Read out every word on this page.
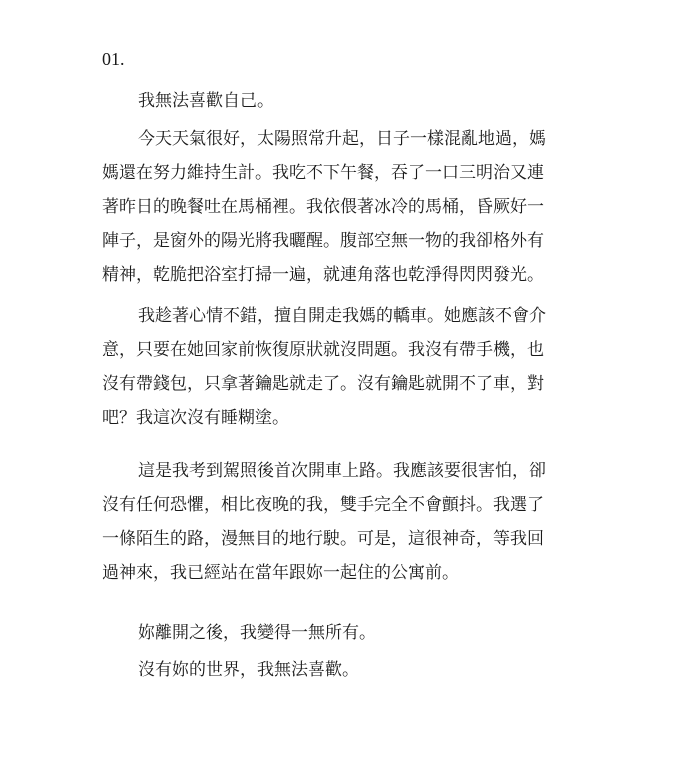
01.
我無法喜歡自己。
今天天氣很好，太陽照常升起，日子一樣混亂地過，媽
媽還在努力維持生計。我吃不下午餐，吞了一口三明治又連
著昨日的晚餐吐在馬桶裡。我依偎著冰冷的馬桶，昏厥好一
陣子，是窗外的陽光將我曬醒。腹部空無一物的我卻格外有
精神，乾脆把浴室打掃一遍，就連角落也乾淨得閃閃發光。
我趁著心情不錯，擅自開走我媽的轎車。她應該不會介
意，只要在她回家前恢復原狀就沒問題。我沒有帶手機，也
沒有帶錢包，只拿著鑰匙就走了。沒有鑰匙就開不了車，對
吧？我這次沒有睡糊塗。
這是我考到駕照後首次開車上路。我應該要很害怕，卻
沒有任何恐懼，相比夜晚的我，雙手完全不會顫抖。我選了
一條陌生的路，漫無目的地行駛。可是，這很神奇，等我回
過神來，我已經站在當年跟妳一起住的公寓前。
妳離開之後，我變得一無所有。
沒有妳的世界，我無法喜歡。
